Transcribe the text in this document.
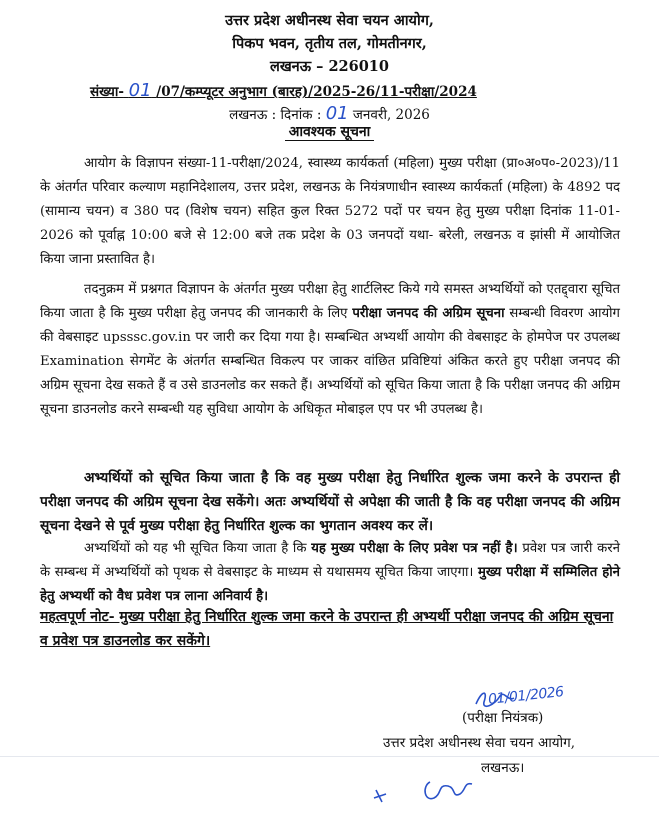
उत्तर प्रदेश अधीनस्थ सेवा चयन आयोग,
पिकप भवन, तृतीय तल, गोमतीनगर,
लखनऊ – 226010
संख्या- 01 /07/कम्प्यूटर अनुभाग (बारह)/2025-26/11-परीक्षा/2024
लखनऊ : दिनांक : 01 जनवरी, 2026
आवश्यक सूचना

आयोग के विज्ञापन संख्या-11-परीक्षा/2024, स्वास्थ्य कार्यकर्ता (महिला) मुख्य परीक्षा (प्रा०अ०प०-2023)/11 के अंतर्गत परिवार कल्याण महानिदेशालय, उत्तर प्रदेश, लखनऊ के नियंत्रणाधीन स्वास्थ्य कार्यकर्ता (महिला) के 4892 पद (सामान्य चयन) व 380 पद (विशेष चयन) सहित कुल रिक्त 5272 पदों पर चयन हेतु मुख्य परीक्षा दिनांक 11-01-2026 को पूर्वाह्न 10:00 बजे से 12:00 बजे तक प्रदेश के 03 जनपदों यथा- बरेली, लखनऊ व झांसी में आयोजित किया जाना प्रस्तावित है।

तदनुक्रम में प्रश्नगत विज्ञापन के अंतर्गत मुख्य परीक्षा हेतु शार्टलिस्ट किये गये समस्त अभ्यर्थियों को एतद्द्वारा सूचित किया जाता है कि मुख्य परीक्षा हेतु जनपद की जानकारी के लिए परीक्षा जनपद की अग्रिम सूचना सम्बन्धी विवरण आयोग की वेबसाइट upsssc.gov.in पर जारी कर दिया गया है। सम्बन्धित अभ्यर्थी आयोग की वेबसाइट के होमपेज पर उपलब्ध Examination सेगमेंट के अंतर्गत सम्बन्धित विकल्प पर जाकर वांछित प्रविष्टियां अंकित करते हुए परीक्षा जनपद की अग्रिम सूचना देख सकते हैं व उसे डाउनलोड कर सकते हैं। अभ्यर्थियों को सूचित किया जाता है कि परीक्षा जनपद की अग्रिम सूचना डाउनलोड करने सम्बन्धी यह सुविधा आयोग के अधिकृत मोबाइल एप पर भी उपलब्ध है।

अभ्यर्थियों को सूचित किया जाता है कि वह मुख्य परीक्षा हेतु निर्धारित शुल्क जमा करने के उपरान्त ही परीक्षा जनपद की अग्रिम सूचना देख सकेंगे। अतः अभ्यर्थियों से अपेक्षा की जाती है कि वह परीक्षा जनपद की अग्रिम सूचना देखने से पूर्व मुख्य परीक्षा हेतु निर्धारित शुल्क का भुगतान अवश्य कर लें।

अभ्यर्थियों को यह भी सूचित किया जाता है कि यह मुख्य परीक्षा के लिए प्रवेश पत्र नहीं है। प्रवेश पत्र जारी करने के सम्बन्ध में अभ्यर्थियों को पृथक से वेबसाइट के माध्यम से यथासमय सूचित किया जाएगा। मुख्य परीक्षा में सम्मिलित होने हेतु अभ्यर्थी को वैध प्रवेश पत्र लाना अनिवार्य है।

महत्वपूर्ण नोट- मुख्य परीक्षा हेतु निर्धारित शुल्क जमा करने के उपरान्त ही अभ्यर्थी परीक्षा जनपद की अग्रिम सूचना व प्रवेश पत्र डाउनलोड कर सकेंगे।
01/01/2026
(परीक्षा नियंत्रक)
उत्तर प्रदेश अधीनस्थ सेवा चयन आयोग,
लखनऊ।
